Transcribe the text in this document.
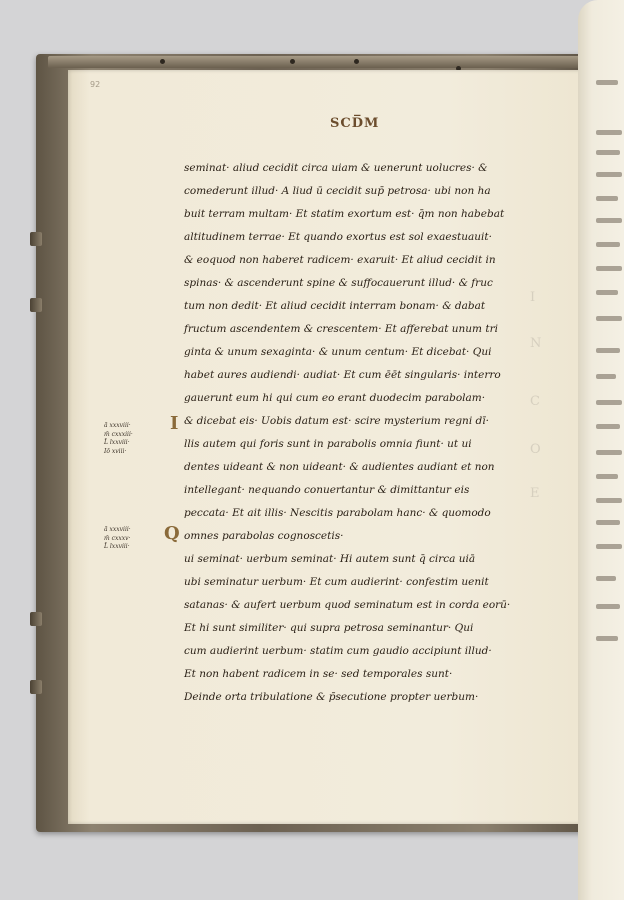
92
SCD̅M
I
N
C
O
E
seminat· aliud cecidit circa uiam & uenerunt uolucres· &
comederunt illud· A liud ū cecidit sup̄ petrosa· ubi non ha
buit terram multam· Et statim exortum est· q̄m non habebat
altitudinem terrae· Et quando exortus est sol exaestuauit·
& eoquod non haberet radicem· exaruit· Et aliud cecidit in
spinas· & ascenderunt spine & suffocauerunt illud· & fruc
tum non dedit· Et aliud cecidit interram bonam· & dabat
fructum ascendentem & crescentem· Et afferebat unum tri
ginta & unum sexaginta· & unum centum· Et dicebat· Qui
habet aures audiendi· audiat· Et cum ēēt singularis· interro
gauerunt eum hi qui cum eo erant duodecim parabolam·
& dicebat eis· Uobis datum est· scire mysterium regni dī·
llis autem qui foris sunt in parabolis omnia fiunt· ut ui
dentes uideant & non uideant· & audientes audiant et non
intellegant· nequando conuertantur & dimittantur eis
peccata· Et ait illis· Nescitis parabolam hanc· & quomodo
omnes parabolas cognoscetis·
ui seminat· uerbum seminat· Hi autem sunt q̄ circa uiā
ubi seminatur uerbum· Et cum audierint· confestim uenit
satanas· & aufert uerbum quod seminatum est in corda eorū·
Et hi sunt similiter· qui supra petrosa seminantur· Qui
cum audierint uerbum· statim cum gaudio accipiunt illud·
Et non habent radicem in se· sed temporales sunt·
Deinde orta tribulatione & p̄secutione propter uerbum·
I
Q
ā̄ xxxviii·
m̄ cxxxiii·
L̄ lxxviii·
Iō xviii·
ā̄ xxxviii·
m̄ cxxxv·
L̄ lxxviii·
